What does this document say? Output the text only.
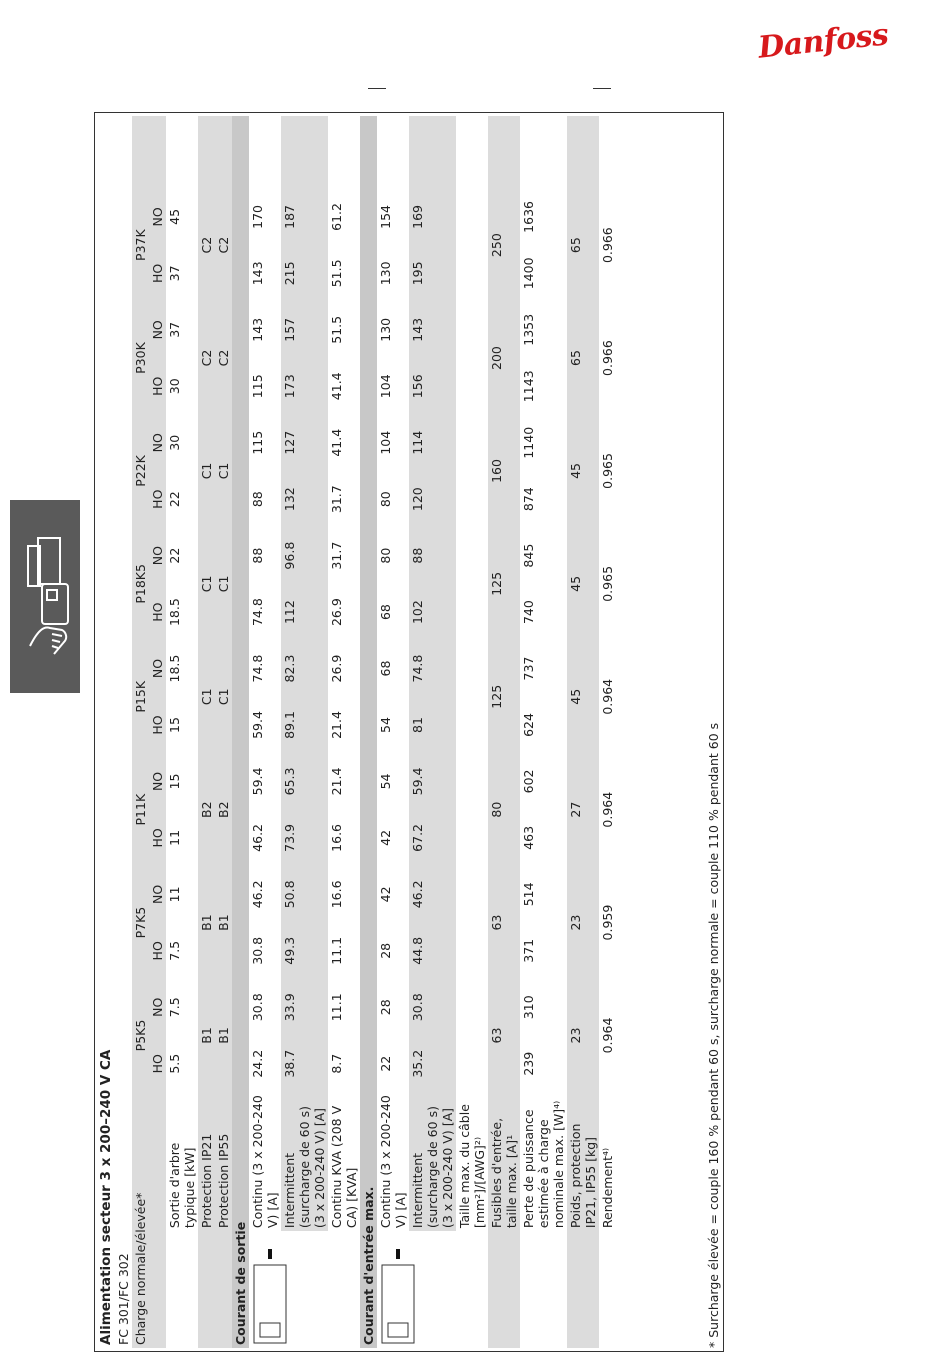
Danfoss
Alimentation secteur 3 x 200–240 V CA																		
FC 301/FC 302																		
Charge normale/élevée*		P5K5		P7K5		P11K		P15K		P18K5		P22K		P30K		P37K		
		HO	NO	HO	NO	HO	NO	HO	NO	HO	NO	HO	NO	HO	NO	HO	NO	
	Sortie d'arbre typique [kW]	5.5	7.5	7.5	11	11	15	15	18.5	18.5	22	22	30	30	37	37	45	
	Protection IP21	B1		B1		B2		C1		C1		C1		C2		C2		
	Protection IP55	B1		B1		B2		C1		C1		C1		C2		C2		
Courant de sortie																		
	Continu (3 x 200-240 V) [A]	24.2	30.8	30.8	46.2	46.2	59.4	59.4	74.8	74.8	88	88	115	115	143	143	170	
	Intermittent (surcharge de 60 s) (3 x 200-240 V) [A]	38.7	33.9	49.3	50.8	73.9	65.3	89.1	82.3	112	96.8	132	127	173	157	215	187	
	Continu KVA (208 V CA) [KVA]	8.7	11.1	11.1	16.6	16.6	21.4	21.4	26.9	26.9	31.7	31.7	41.4	41.4	51.5	51.5	61.2	
Courant d'entrée max.																		
	Continu (3 x 200-240 V) [A]	22	28	28	42	42	54	54	68	68	80	80	104	104	130	130	154	
	Intermittent (surcharge de 60 s) (3 x 200-240 V) [A]	35.2	30.8	44.8	46.2	67.2	59.4	81	74.8	102	88	120	114	156	143	195	169	
	Taille max. du câble [mm²]/[AWG]²⁾																	
	Fusibles d'entrée, taille max. [A]¹	63		63		80		125		125		160		200		250		
	Perte de puissance estimée à charge nominale max. [W]⁴⁾	239	310	371	514	463	602	624	737	740	845	874	1140	1143	1353	1400	1636	
	Poids, protection IP21, IP55 [kg]	23		23		27		45		45		45		65		65		
	Rendement⁴⁾	0.964		0.959		0.964		0.964		0.965		0.965		0.966		0.966		
* Surcharge élevée = couple 160 % pendant 60 s, surcharge normale = couple 110 % pendant 60 s
